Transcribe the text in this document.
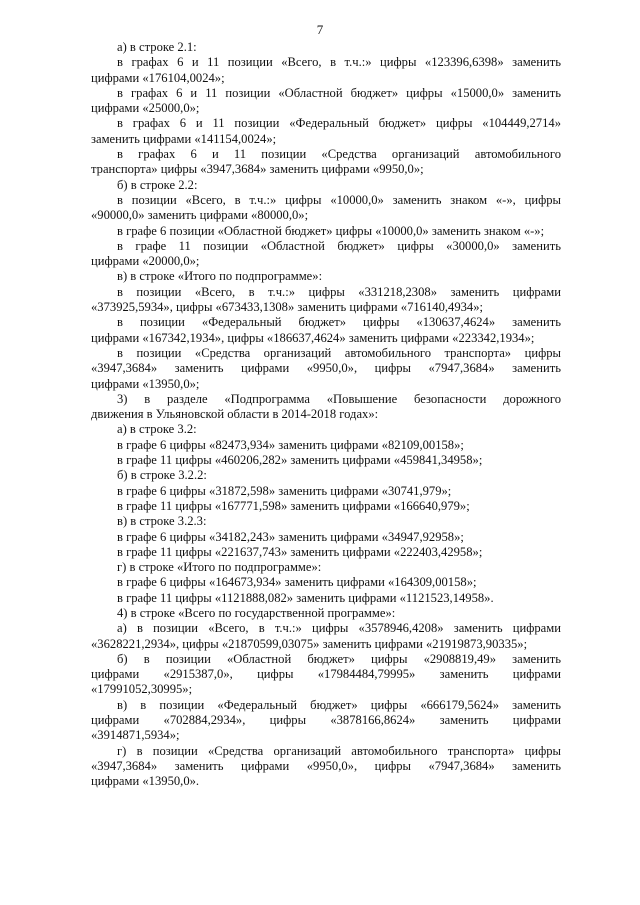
7

а) в строке 2.1:

в графах 6 и 11 позиции «Всего, в т.ч.:» цифры «123396,6398» заменить

цифрами «176104,0024»;

в графах 6 и 11 позиции «Областной бюджет» цифры «15000,0» заменить

цифрами «25000,0»;

в графах 6 и 11 позиции «Федеральный бюджет» цифры «104449,2714»

заменить цифрами «141154,0024»;

в графах 6 и 11 позиции «Средства организаций автомобильного

транспорта» цифры «3947,3684» заменить цифрами «9950,0»;

б) в строке 2.2:

в позиции «Всего, в т.ч.:» цифры «10000,0» заменить знаком «-», цифры

«90000,0» заменить цифрами «80000,0»;

в графе 6 позиции «Областной бюджет» цифры «10000,0» заменить знаком «-»;

в графе 11 позиции «Областной бюджет» цифры «30000,0» заменить

цифрами «20000,0»;

в) в строке «Итого по подпрограмме»:

в позиции «Всего, в т.ч.:» цифры «331218,2308» заменить цифрами

«373925,5934», цифры «673433,1308» заменить цифрами «716140,4934»;

в позиции «Федеральный бюджет» цифры «130637,4624» заменить

цифрами «167342,1934», цифры «186637,4624» заменить цифрами «223342,1934»;

в позиции «Средства организаций автомобильного транспорта» цифры

«3947,3684» заменить цифрами «9950,0», цифры «7947,3684» заменить

цифрами «13950,0»;

3) в разделе «Подпрограмма «Повышение безопасности дорожного

движения в Ульяновской области в 2014-2018 годах»:

а) в строке 3.2:

в графе 6 цифры «82473,934» заменить цифрами «82109,00158»;

в графе 11 цифры «460206,282» заменить цифрами «459841,34958»;

б) в строке 3.2.2:

в графе 6 цифры «31872,598» заменить цифрами «30741,979»;

в графе 11 цифры «167771,598» заменить цифрами «166640,979»;

в) в строке 3.2.3:

в графе 6 цифры «34182,243» заменить цифрами «34947,92958»;

в графе 11 цифры «221637,743» заменить цифрами «222403,42958»;

г) в строке «Итого по подпрограмме»:

в графе 6 цифры «164673,934» заменить цифрами «164309,00158»;

в графе 11 цифры «1121888,082» заменить цифрами «1121523,14958».

4) в строке «Всего по государственной программе»:

а) в позиции «Всего, в т.ч.:» цифры «3578946,4208» заменить цифрами

«3628221,2934», цифры «21870599,03075» заменить цифрами «21919873,90335»;

б) в позиции «Областной бюджет» цифры «2908819,49» заменить

цифрами «2915387,0», цифры «17984484,79995» заменить цифрами

«17991052,30995»;

в) в позиции «Федеральный бюджет» цифры «666179,5624» заменить

цифрами «702884,2934», цифры «3878166,8624» заменить цифрами

«3914871,5934»;

г) в позиции «Средства организаций автомобильного транспорта» цифры

«3947,3684» заменить цифрами «9950,0», цифры «7947,3684» заменить

цифрами «13950,0».
